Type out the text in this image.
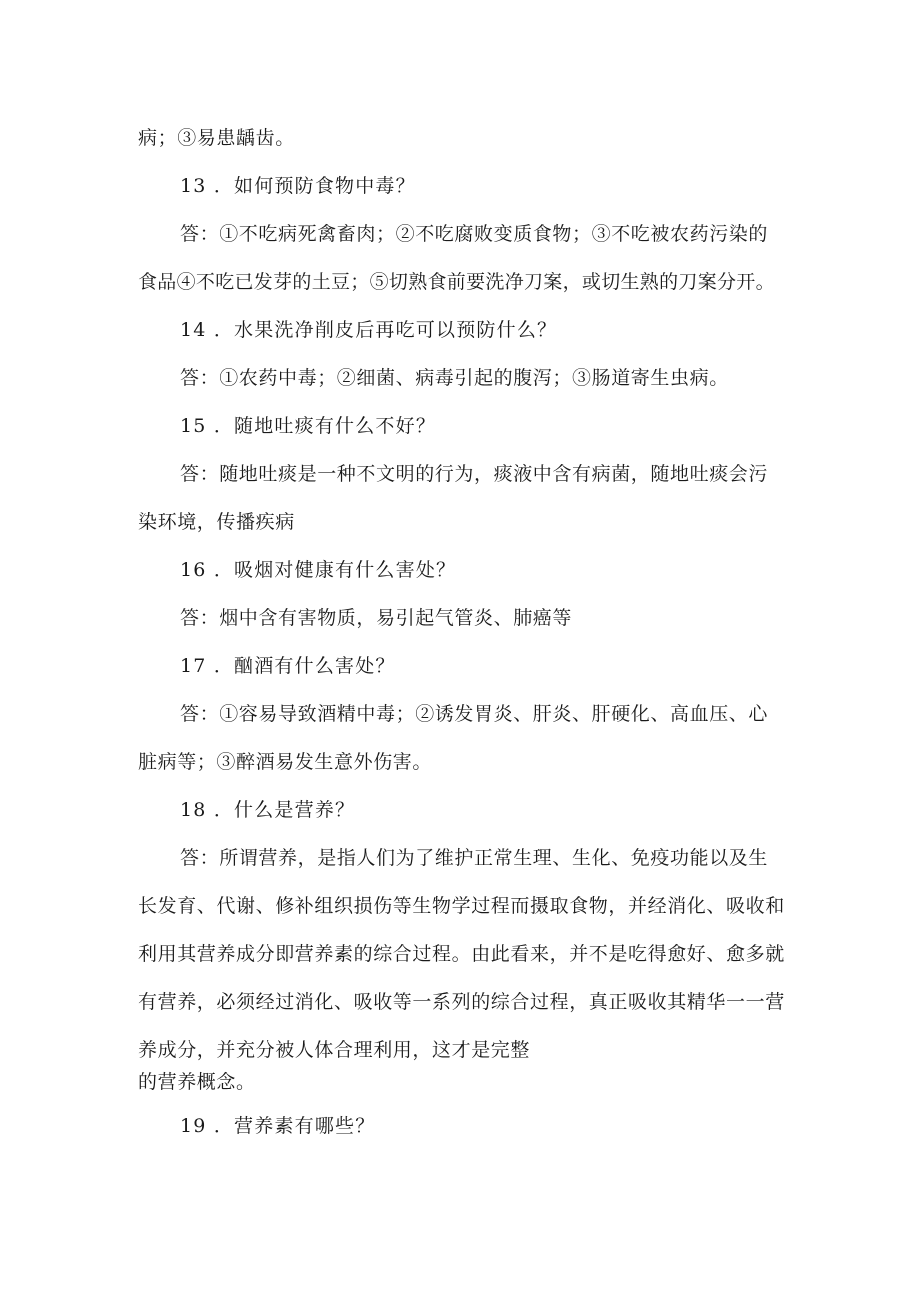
病；③易患龋齿。
13 ．如何预防食物中毒？
答：①不吃病死禽畜肉；②不吃腐败变质食物；③不吃被农药污染的
食品④不吃已发芽的土豆；⑤切熟食前要洗净刀案，或切生熟的刀案分开。
14 ．水果洗净削皮后再吃可以预防什么？
答：①农药中毒；②细菌、病毒引起的腹泻；③肠道寄生虫病。
15 ．随地吐痰有什么不好？
答：随地吐痰是一种不文明的行为，痰液中含有病菌，随地吐痰会污
染环境，传播疾病
16 ．吸烟对健康有什么害处？
答：烟中含有害物质，易引起气管炎、肺癌等
17 ．酗酒有什么害处？
答：①容易导致酒精中毒；②诱发胃炎、肝炎、肝硬化、高血压、心
脏病等；③醉酒易发生意外伤害。
18 ．什么是营养？
答：所谓营养，是指人们为了维护正常生理、生化、免疫功能以及生
长发育、代谢、修补组织损伤等生物学过程而摄取食物，并经消化、吸收和
利用其营养成分即营养素的综合过程。由此看来，并不是吃得愈好、愈多就
有营养，必须经过消化、吸收等一系列的综合过程，真正吸收其精华一一营
养成分，并充分被人体合理利用，这才是完整
的营养概念。
19 ．营养素有哪些？
